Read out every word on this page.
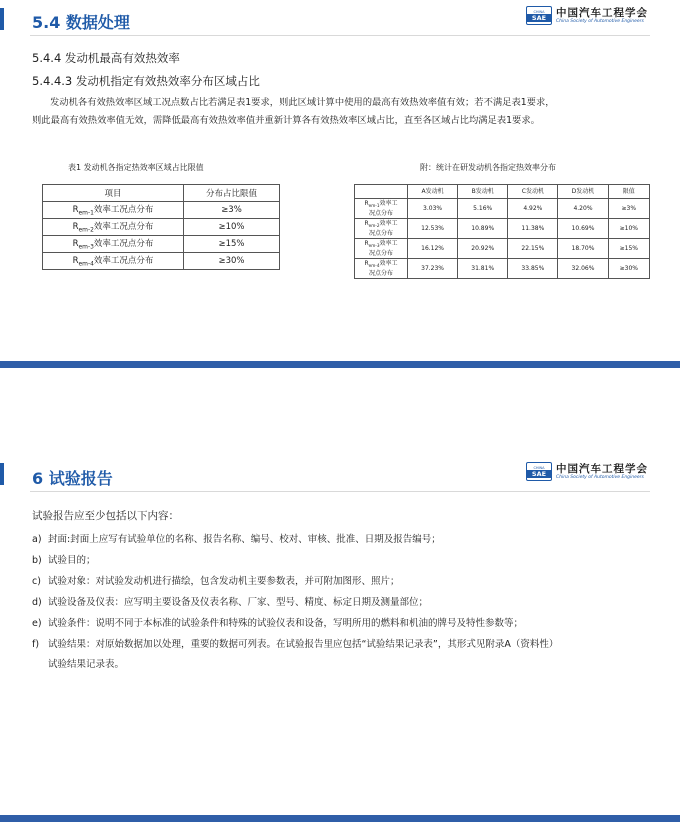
5.4 数据处理
CHINA
SAE 中国汽车工程学会
China Society of Automotive Engineers
5.4.4 发动机最高有效热效率
5.4.4.3 发动机指定有效热效率分布区域占比
发动机各有效热效率区域工况点数占比若满足表1要求，则此区域计算中使用的最高有效热效率值有效；若不满足表1要求，
则此最高有效热效率值无效，需降低最高有效热效率值并重新计算各有效热效率区域占比，直至各区域占比均满足表1要求。
表1 发动机各指定热效率区域占比限值
项目	分布占比限值
$R_{em-1}$效率工况点分布	≥3%
$R_{em-2}$效率工况点分布	≥10%
$R_{em-3}$效率工况点分布	≥15%
$R_{em-4}$效率工况点分布	≥30%
附：统计在研发动机各指定热效率分布
	A发动机	B发动机	C发动机	D发动机	限值
$R_{em-1}$效率工
况点分布	3.03%	5.16%	4.92%	4.20%	≥3%
$R_{em-2}$效率工
况点分布	12.53%	10.89%	11.38%	10.69%	≥10%
$R_{em-3}$效率工
况点分布	16.12%	20.92%	22.15%	18.70%	≥15%
$R_{em-4}$效率工
况点分布	37.23%	31.81%	33.85%	32.06%	≥30%
6 试验报告
CHINA
SAE 中国汽车工程学会
China Society of Automotive Engineers
试验报告应至少包括以下内容：
a) 封面:封面上应写有试验单位的名称、报告名称、编号、校对、审核、批准、日期及报告编号；
b) 试验目的；
c) 试验对象：对试验发动机进行描绘，包含发动机主要参数表，并可附加图形、照片；
d) 试验设备及仪表：应写明主要设备及仪表名称、厂家、型号、精度、标定日期及测量部位；
e) 试验条件：说明不同于本标准的试验条件和特殊的试验仪表和设备，写明所用的燃料和机油的牌号及特性参数等；
f) 试验结果：对原始数据加以处理，重要的数据可列表。在试验报告里应包括“试验结果记录表”，其形式见附录A（资料性）
试验结果记录表。
